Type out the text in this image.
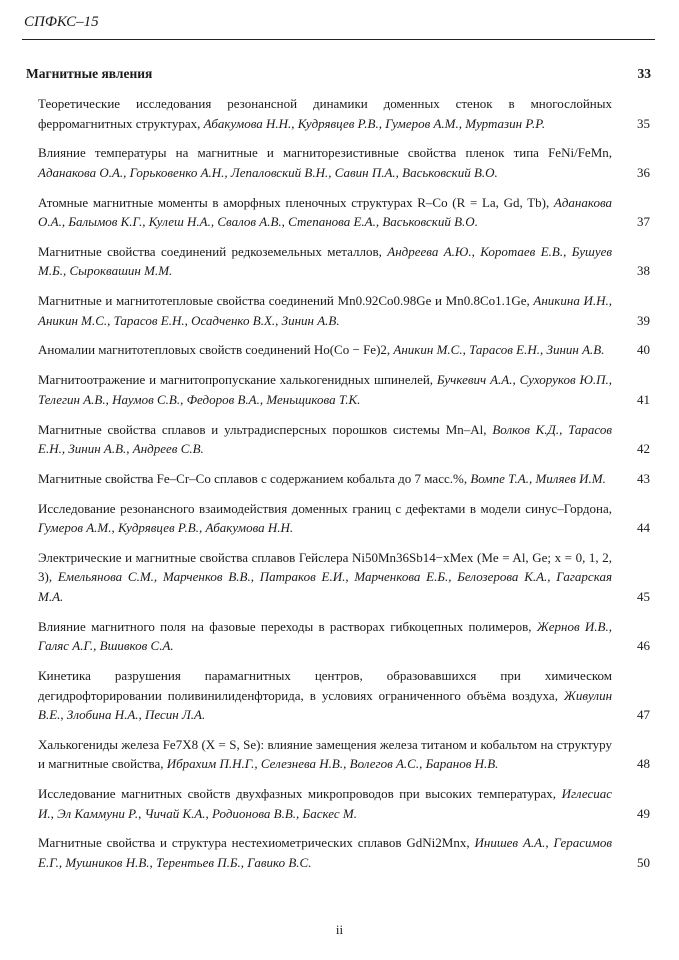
СПФКС–15
Магнитные явления	33
Теоретические исследования резонансной динамики доменных стенок в многослойных ферромагнитных структурах, Абакумова Н.Н., Кудрявцев Р.В., Гумеров А.М., Муртазин Р.Р.	35
Влияние температуры на магнитные и магниторезистивные свойства пленок типа FeNi/FeMn, Аданакова О.А., Горьковенко А.Н., Лепаловский В.Н., Савин П.А., Васьковский В.О.	36
Атомные магнитные моменты в аморфных пленочных структурах R–Co (R = La, Gd, Tb), Аданакова О.А., Балымов К.Г., Кулеш Н.А., Свалов А.В., Степанова Е.А., Васьковский В.О.	37
Магнитные свойства соединений редкоземельных металлов, Андреева А.Ю., Коротаев Е.В., Бушуев М.Б., Сыроквашин М.М.	38
Магнитные и магнитотепловые свойства соединений Mn0.92Co0.98Ge и Mn0.8Co1.1Ge, Аникина И.Н., Аникин М.С., Тарасов Е.Н., Осадченко В.Х., Зинин А.В.	39
Аномалии магнитотепловых свойств соединений Ho(Co − Fe)2, Аникин М.С., Тарасов Е.Н., Зинин А.В.	40
Магнитоотражение и магнитопропускание халькогенидных шпинелей, Бучкевич А.А., Сухоруков Ю.П., Телегин А.В., Наумов С.В., Федоров В.А., Меньщикова Т.К.	41
Магнитные свойства сплавов и ультрадисперсных порошков системы Mn–Al, Волков К.Д., Тарасов Е.Н., Зинин А.В., Андреев С.В.	42
Магнитные свойства Fe–Cr–Co сплавов с содержанием кобальта до 7 масс.%, Вомпе Т.А., Миляев И.М. 43
Исследование резонансного взаимодействия доменных границ с дефектами в модели синус–Гордона, Гумеров А.М., Кудрявцев Р.В., Абакумова Н.Н.	44
Электрические и магнитные свойства сплавов Гейслера Ni50Mn36Sb14−xMex (Me = Al, Ge; x = 0, 1, 2, 3), Емельянова С.М., Марченков В.В., Патраков Е.И., Марченкова Е.Б., Белозерова К.А., Гагарская М.А.	45
Влияние магнитного поля на фазовые переходы в растворах гибкоцепных полимеров, Жернов И.В., Галяс А.Г., Вшивков С.А.	46
Кинетика разрушения парамагнитных центров, образовавшихся при химическом дегидрофторировании поливинилиденфторида, в условиях ограниченного объёма воздуха, Живулин В.Е., Злобина Н.А., Песин Л.А.	47
Халькогениды железа Fe7X8 (X = S, Se): влияние замещения железа титаном и кобальтом на структуру и магнитные свойства, Ибрахим П.Н.Г., Селезнева Н.В., Волегов А.С., Баранов Н.В.	48
Исследование магнитных свойств двухфазных микропроводов при высоких температурах, Иглесиас И., Эл Каммуни Р., Чичай К.А., Родионова В.В., Баскес М.	49
Магнитные свойства и структура нестехиометрических сплавов GdNi2Mnx, Инишев А.А., Герасимов Е.Г., Мушников Н.В., Терентьев П.Б., Гавико В.С.	50
ii
